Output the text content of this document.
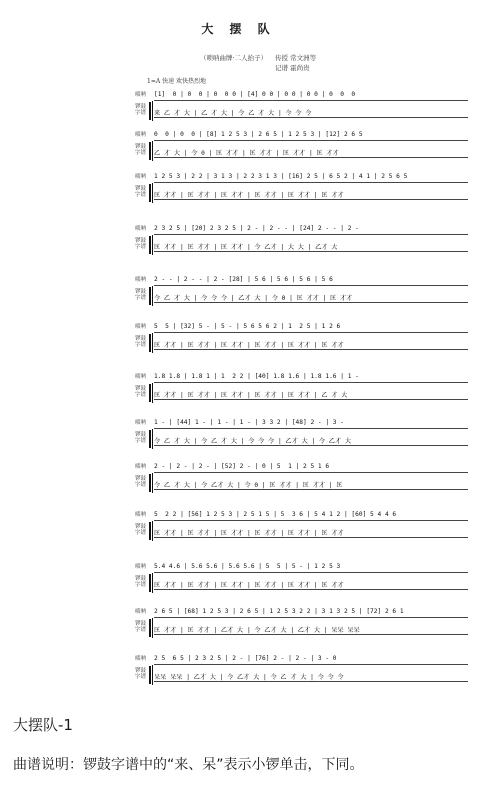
大 摆 队
（唢呐曲牌·二人抬子） 传授 常文洲等
记谱 霍尚贵
1=A 快速 欢快热烈地
唢呐
锣鼓
字谱
[1]  0 | 0  0 | 0  0 0 | [4] 0 0 | 0 0 | 0 0 | 0  0  0
来 乙 才 大 | 乙 才 大 | 令 乙 才 大 | 令 令 令
唢呐
锣鼓
字谱
0  0 | 0  0 | [8] 1 2 5 3 | 2 6 5 | 1 2 5 3 | [12] 2 6 5
乙 才 大 | 令 0 | 匡 才才 | 匡 才才 | 匡 才才 | 匡 才才
唢呐
锣鼓
字谱
1 2 5 3 | 2 2 | 3 1 3 | 2 2 3 1 3 | [16] 2 5 | 6 5 2 | 4 1 | 2 5 6 5
匡 才才 | 匡 才才 | 匡 才才 | 匡 才才 | 匡 才才 | 匡 才才
唢呐
锣鼓
字谱
2 3 2 5 | [20] 2 3 2 5 | 2 - | 2 - - | [24] 2 - - | 2 -
匡 才才 | 匡 才才 | 匡 才才 | 令 乙才 | 大 大 | 乙才 大
唢呐
锣鼓
字谱
2 - - | 2 - - | 2 - [28] | 5 6 | 5 6 | 5 6 | 5 6
令 乙 才 大 | 令 令 令 | 乙才 大 | 令 0 | 匡 才才 | 匡 才才
唢呐
锣鼓
字谱
5  5 | [32] 5 - | 5 - | 5 6 5 6 2 | 1  2 5 | 1 2 6
匡 才才 | 匡 才才 | 匡 才才 | 匡 才才 | 匡 才才 | 匡 才才
唢呐
锣鼓
字谱
1.8 1.8 | 1.8 1 | 1  2 2 | [40] 1.8 1.6 | 1.8 1.6 | 1 -
匡 才才 | 匡 才才 | 匡 才才 | 匡 才才 | 匡 才才 | 乙 才 大
唢呐
锣鼓
字谱
1 - | [44] 1 - | 1 - | 1 - | 3 3 2 | [48] 2 - | 3 -
令 乙 才 大 | 令 乙 才 大 | 令 令 令 | 乙才 大 | 令 乙才 大
唢呐
锣鼓
字谱
2 - | 2 - | 2 - | [52] 2 - | 0 | 5  1 | 2 5 1 6
令 乙 才 大 | 令 乙才 大 | 令 0 | 匡 才才 | 匡 才才 | 匡
唢呐
锣鼓
字谱
5  2 2 | [56] 1 2 5 3 | 2 5 1 5 | 5  3 6 | 5 4 1 2 | [60] 5 4 4 6
匡 才才 | 匡 才才 | 匡 才才 | 匡 才才 | 匡 才才 | 匡 才才
唢呐
锣鼓
字谱
5.4 4.6 | 5.6 5.6 | 5.6 5.6 | 5  5 | 5 - | 1 2 5 3
匡 才才 | 匡 才才 | 匡 才才 | 匡 才才 | 匡 才才 | 匡 才才
唢呐
锣鼓
字谱
2 6 5 | [68] 1 2 5 3 | 2 6 5 | 1 2 5 3 2 2 | 3 1 3 2 5 | [72] 2 6 1
匡 才才 | 匡 才才 | 乙才 大 | 令 乙才 大 | 乙才 大 | 呆呆 呆呆
唢呐
锣鼓
字谱
2 5  6 5 | 2 3 2 5 | 2 - | [76] 2 - | 2 - | 3 - 0
呆呆 呆呆 | 乙才 大 | 令 乙才 大 | 令 乙 才 大 | 令 令 令
大摆队-1
曲谱说明：锣鼓字谱中的“来、呆”表示小锣单击，下同。
